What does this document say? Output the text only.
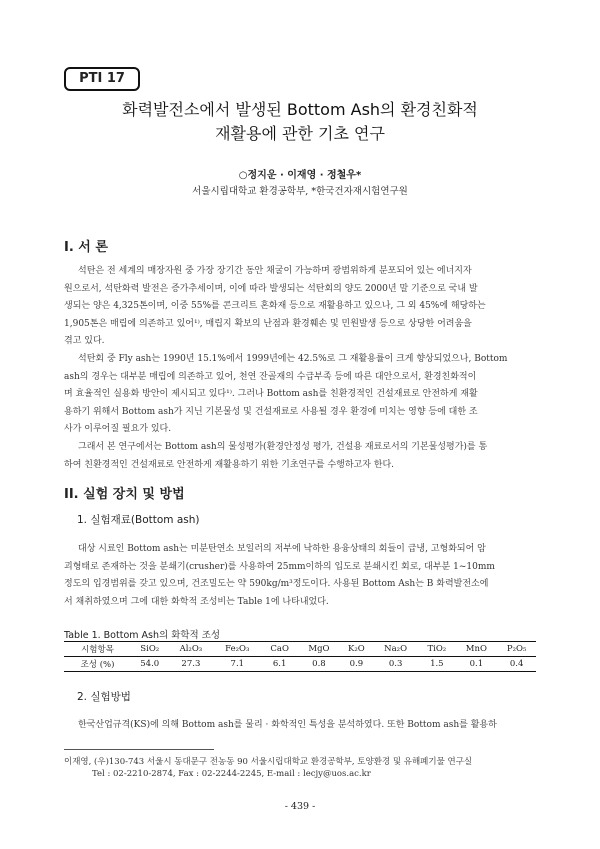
PTI 17
화력발전소에서 발생된 Bottom Ash의 환경친화적
재활용에 관한 기초 연구
○정지운 · 이재영 · 정철우*
서울시립대학교 환경공학부, *한국건자재시험연구원
I. 서 론
석탄은 전 세계의 매장자원 중 가장 장기간 동안 채굴이 가능하며 광범위하게 분포되어 있는 에너지자
원으로서, 석탄화력 발전은 증가추세이며, 이에 따라 발생되는 석탄회의 양도 2000년 말 기준으로 국내 발
생되는 양은 4,325톤이며, 이중 55%를 콘크리트 혼화재 등으로 재활용하고 있으나, 그 외 45%에 해당하는
1,905톤은 매립에 의존하고 있어¹⁾, 매립지 확보의 난점과 환경훼손 및 민원발생 등으로 상당한 어려움을
겪고 있다.
석탄회 중 Fly ash는 1990년 15.1%에서 1999년에는 42.5%로 그 재활용률이 크게 향상되었으나, Bottom
ash의 경우는 대부분 매립에 의존하고 있어, 천연 잔골재의 수급부족 등에 따른 대안으로서, 환경친화적이
며 효율적인 실용화 방안이 제시되고 있다¹⁾. 그러나 Bottom ash를 친환경적인 건설재료로 안전하게 재활
용하기 위해서 Bottom ash가 지닌 기본물성 및 건설재료로 사용될 경우 환경에 미치는 영향 등에 대한 조
사가 이루어질 필요가 있다.
그래서 본 연구에서는 Bottom ash의 물성평가(환경안정성 평가, 건설용 재료로서의 기본물성평가)를 통
하여 친환경적인 건설재료로 안전하게 재활용하기 위한 기초연구를 수행하고자 한다.
II. 실험 장치 및 방법
1. 실험재료(Bottom ash)
대상 시료인 Bottom ash는 미분탄연소 보일러의 저부에 낙하한 용융상태의 회들이 급냉, 고형화되어 암
괴형태로 존재하는 것을 분쇄기(crusher)를 사용하여 25mm이하의 입도로 분쇄시킨 회로, 대부분 1~10mm
정도의 입경범위를 갖고 있으며, 건조밀도는 약 590kg/m³정도이다. 사용된 Bottom Ash는 B 화력발전소에
서 채취하였으며 그에 대한 화학적 조성비는 Table 1에 나타내었다.
Table 1. Bottom Ash의 화학적 조성
시험항목	SiO₂	Al₂O₃	Fe₂O₃	CaO	MgO	K₂O	Na₂O	TiO₂	MnO	P₂O₅
조성 (%)	54.0	27.3	7.1	6.1	0.8	0.9	0.3	1.5	0.1	0.4
2. 실험방법
한국산업규격(KS)에 의해 Bottom ash를 물리 · 화학적인 특성을 분석하였다. 또한 Bottom ash를 활용하
이재영, (우)130-743 서울시 동대문구 전농동 90 서울시립대학교 환경공학부, 토양환경 및 유해폐기물 연구실
Tel : 02-2210-2874, Fax : 02-2244-2245, E-mail : lecjy@uos.ac.kr
- 439 -
